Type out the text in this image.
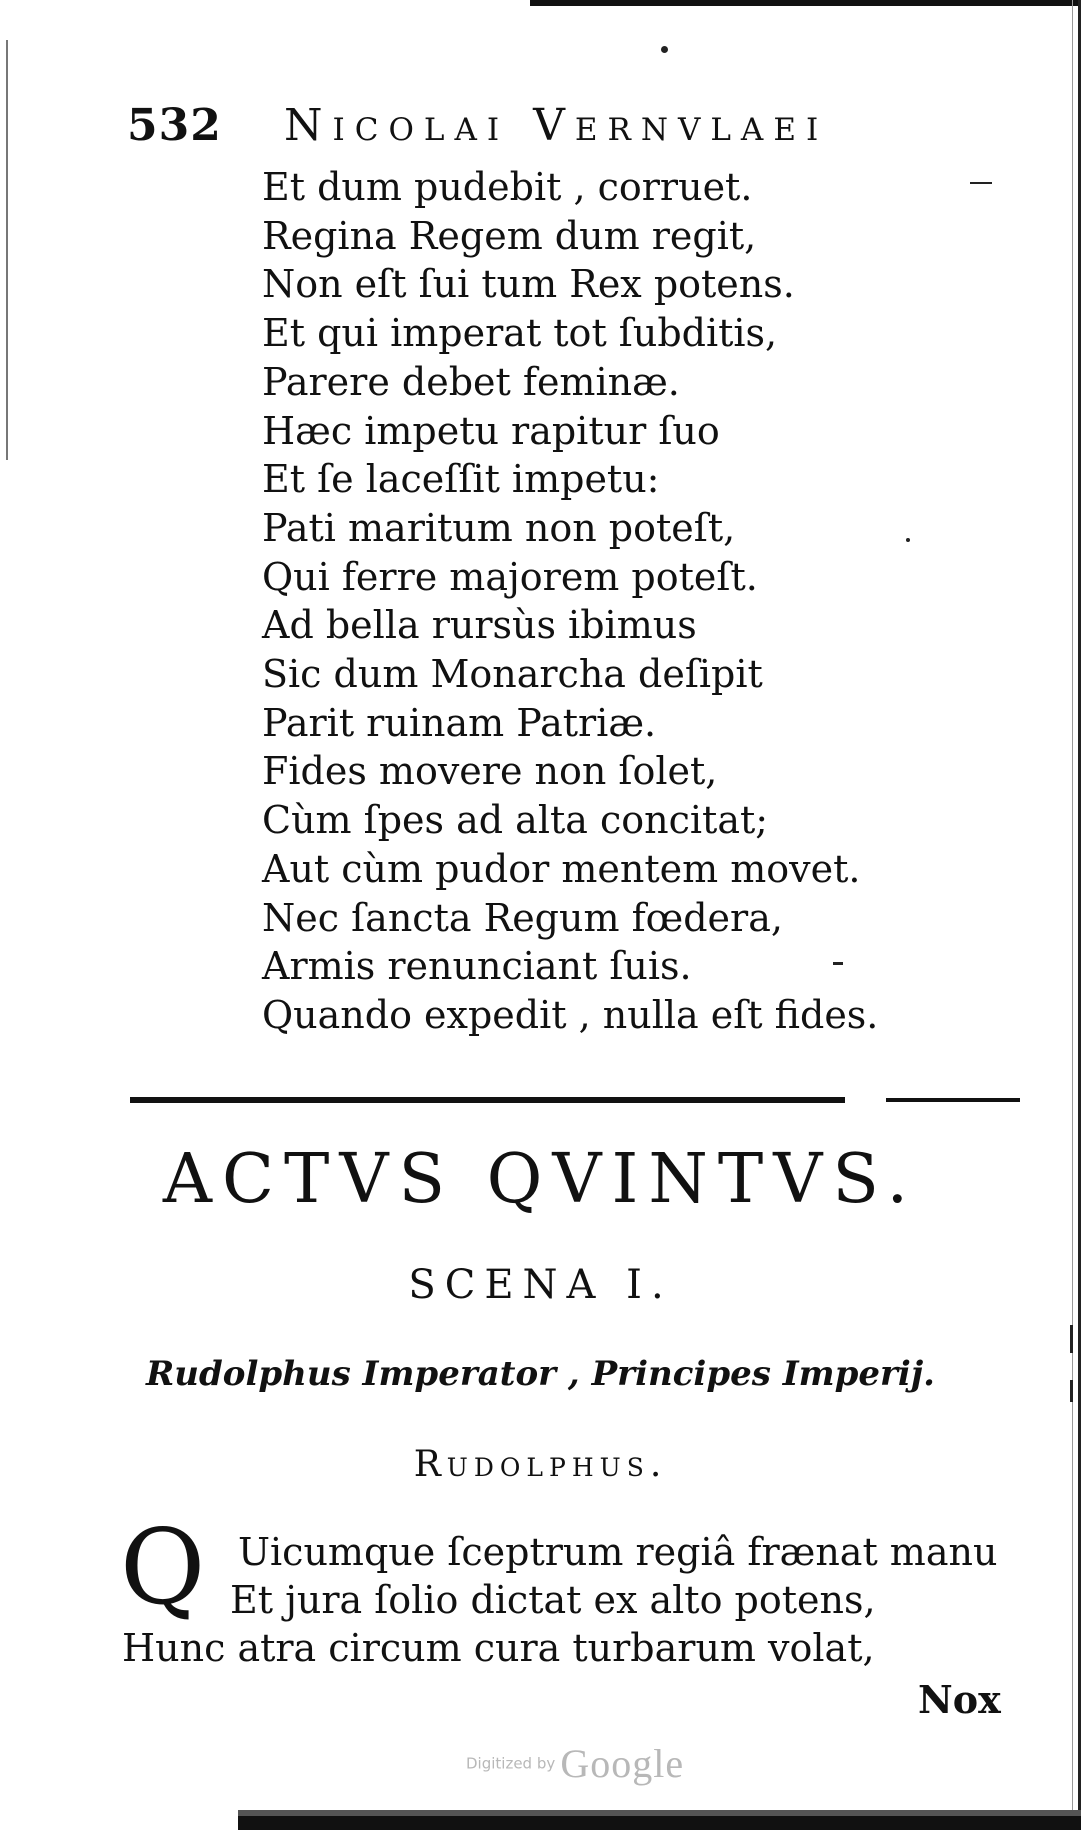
532 Nicolai Vernvlaei
Et dum pudebit , corruet.
Regina Regem dum regit,
Non eſt ſui tum Rex potens.
Et qui imperat tot ſubditis,
Parere debet feminæ.
Hæc impetu rapitur ſuo
Et ſe laceſſit impetu:
Pati maritum non poteſt,
Qui ferre majorem poteſt.
Ad bella rursùs ibimus
Sic dum Monarcha deſipit
Parit ruinam Patriæ.
Fides movere non ſolet,
Cùm ſpes ad alta concitat;
Aut cùm pudor mentem movet.
Nec ſancta Regum fœdera,
Armis renunciant ſuis.
Quando expedit , nulla eſt fides.
ACTVS QVINTVS.
SCENA I.
Rudolphus Imperator , Principes Imperij.
Rudolphus.
Q Uicumque ſceptrum regiâ frænat manu
Et jura ſolio dictat ex alto potens,
Hunc atra circum cura turbarum volat,
Nox
Digitized by Google
